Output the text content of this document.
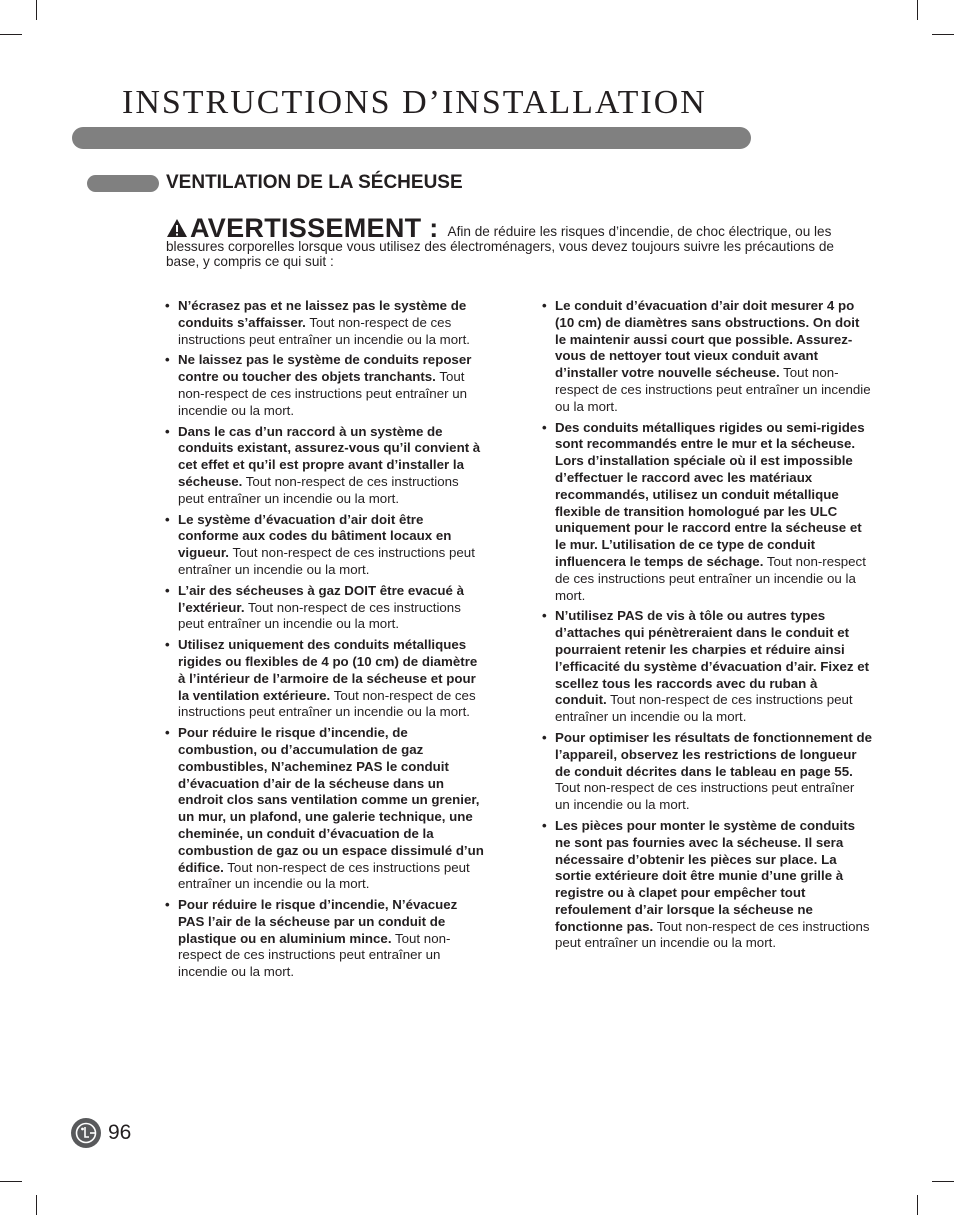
INSTRUCTIONS D’INSTALLATION
VENTILATION DE LA SÉCHEUSE
AVERTISSEMENT : Afin de réduire les risques d’incendie, de choc électrique, ou les blessures corporelles lorsque vous utilisez des électroménagers, vous devez toujours suivre les précautions de base, y compris ce qui suit :
• N’écrasez pas et ne laissez pas le système de conduits s’affaisser. Tout non-respect de ces instructions peut entraîner un incendie ou la mort.
• Ne laissez pas le système de conduits reposer contre ou toucher des objets tranchants. Tout non-respect de ces instructions peut entraîner un incendie ou la mort.
• Dans le cas d’un raccord à un système de conduits existant, assurez-vous qu’il convient à cet effet et qu’il est propre avant d’installer la sécheuse. Tout non-respect de ces instructions peut entraîner un incendie ou la mort.
• Le système d’évacuation d’air doit être conforme aux codes du bâtiment locaux en vigueur. Tout non-respect de ces instructions peut entraîner un incendie ou la mort.
• L’air des sécheuses à gaz DOIT être evacué à l’extérieur. Tout non-respect de ces instructions peut entraîner un incendie ou la mort.
• Utilisez uniquement des conduits métalliques rigides ou flexibles de 4 po (10 cm) de diamètre à l’intérieur de l’armoire de la sécheuse et pour la ventilation extérieure. Tout non-respect de ces instructions peut entraîner un incendie ou la mort.
• Pour réduire le risque d’incendie, de combustion, ou d’accumulation de gaz combustibles, N’acheminez PAS le conduit d’évacuation d’air de la sécheuse dans un endroit clos sans ventilation comme un grenier, un mur, un plafond, une galerie technique, une cheminée, un conduit d’évacuation de la combustion de gaz ou un espace dissimulé d’un édifice. Tout non-respect de ces instructions peut entraîner un incendie ou la mort.
• Pour réduire le risque d’incendie, N’évacuez PAS l’air de la sécheuse par un conduit de plastique ou en aluminium mince. Tout non-respect de ces instructions peut entraîner un incendie ou la mort.
• Le conduit d’évacuation d’air doit mesurer 4 po (10 cm) de diamètres sans obstructions. On doit le maintenir aussi court que possible. Assurez-vous de nettoyer tout vieux conduit avant d’installer votre nouvelle sécheuse. Tout non-respect de ces instructions peut entraîner un incendie ou la mort.
• Des conduits métalliques rigides ou semi-rigides sont recommandés entre le mur et la sécheuse. Lors d’installation spéciale où il est impossible d’effectuer le raccord avec les matériaux recommandés, utilisez un conduit métallique flexible de transition homologué par les ULC uniquement pour le raccord entre la sécheuse et le mur. L’utilisation de ce type de conduit influencera le temps de séchage. Tout non-respect de ces instructions peut entraîner un incendie ou la mort.
• N’utilisez PAS de vis à tôle ou autres types d’attaches qui pénètreraient dans le conduit et pourraient retenir les charpies et réduire ainsi l’efficacité du système d’évacuation d’air. Fixez et scellez tous les raccords avec du ruban à conduit. Tout non-respect de ces instructions peut entraîner un incendie ou la mort.
• Pour optimiser les résultats de fonctionnement de l’appareil, observez les restrictions de longueur de conduit décrites dans le tableau en page 55. Tout non-respect de ces instructions peut entraîner un incendie ou la mort.
• Les pièces pour monter le système de conduits ne sont pas fournies avec la sécheuse. Il sera nécessaire d’obtenir les pièces sur place. La sortie extérieure doit être munie d’une grille à registre ou à clapet pour empêcher tout refoulement d’air lorsque la sécheuse ne fonctionne pas. Tout non-respect de ces instructions peut entraîner un incendie ou la mort.
96
